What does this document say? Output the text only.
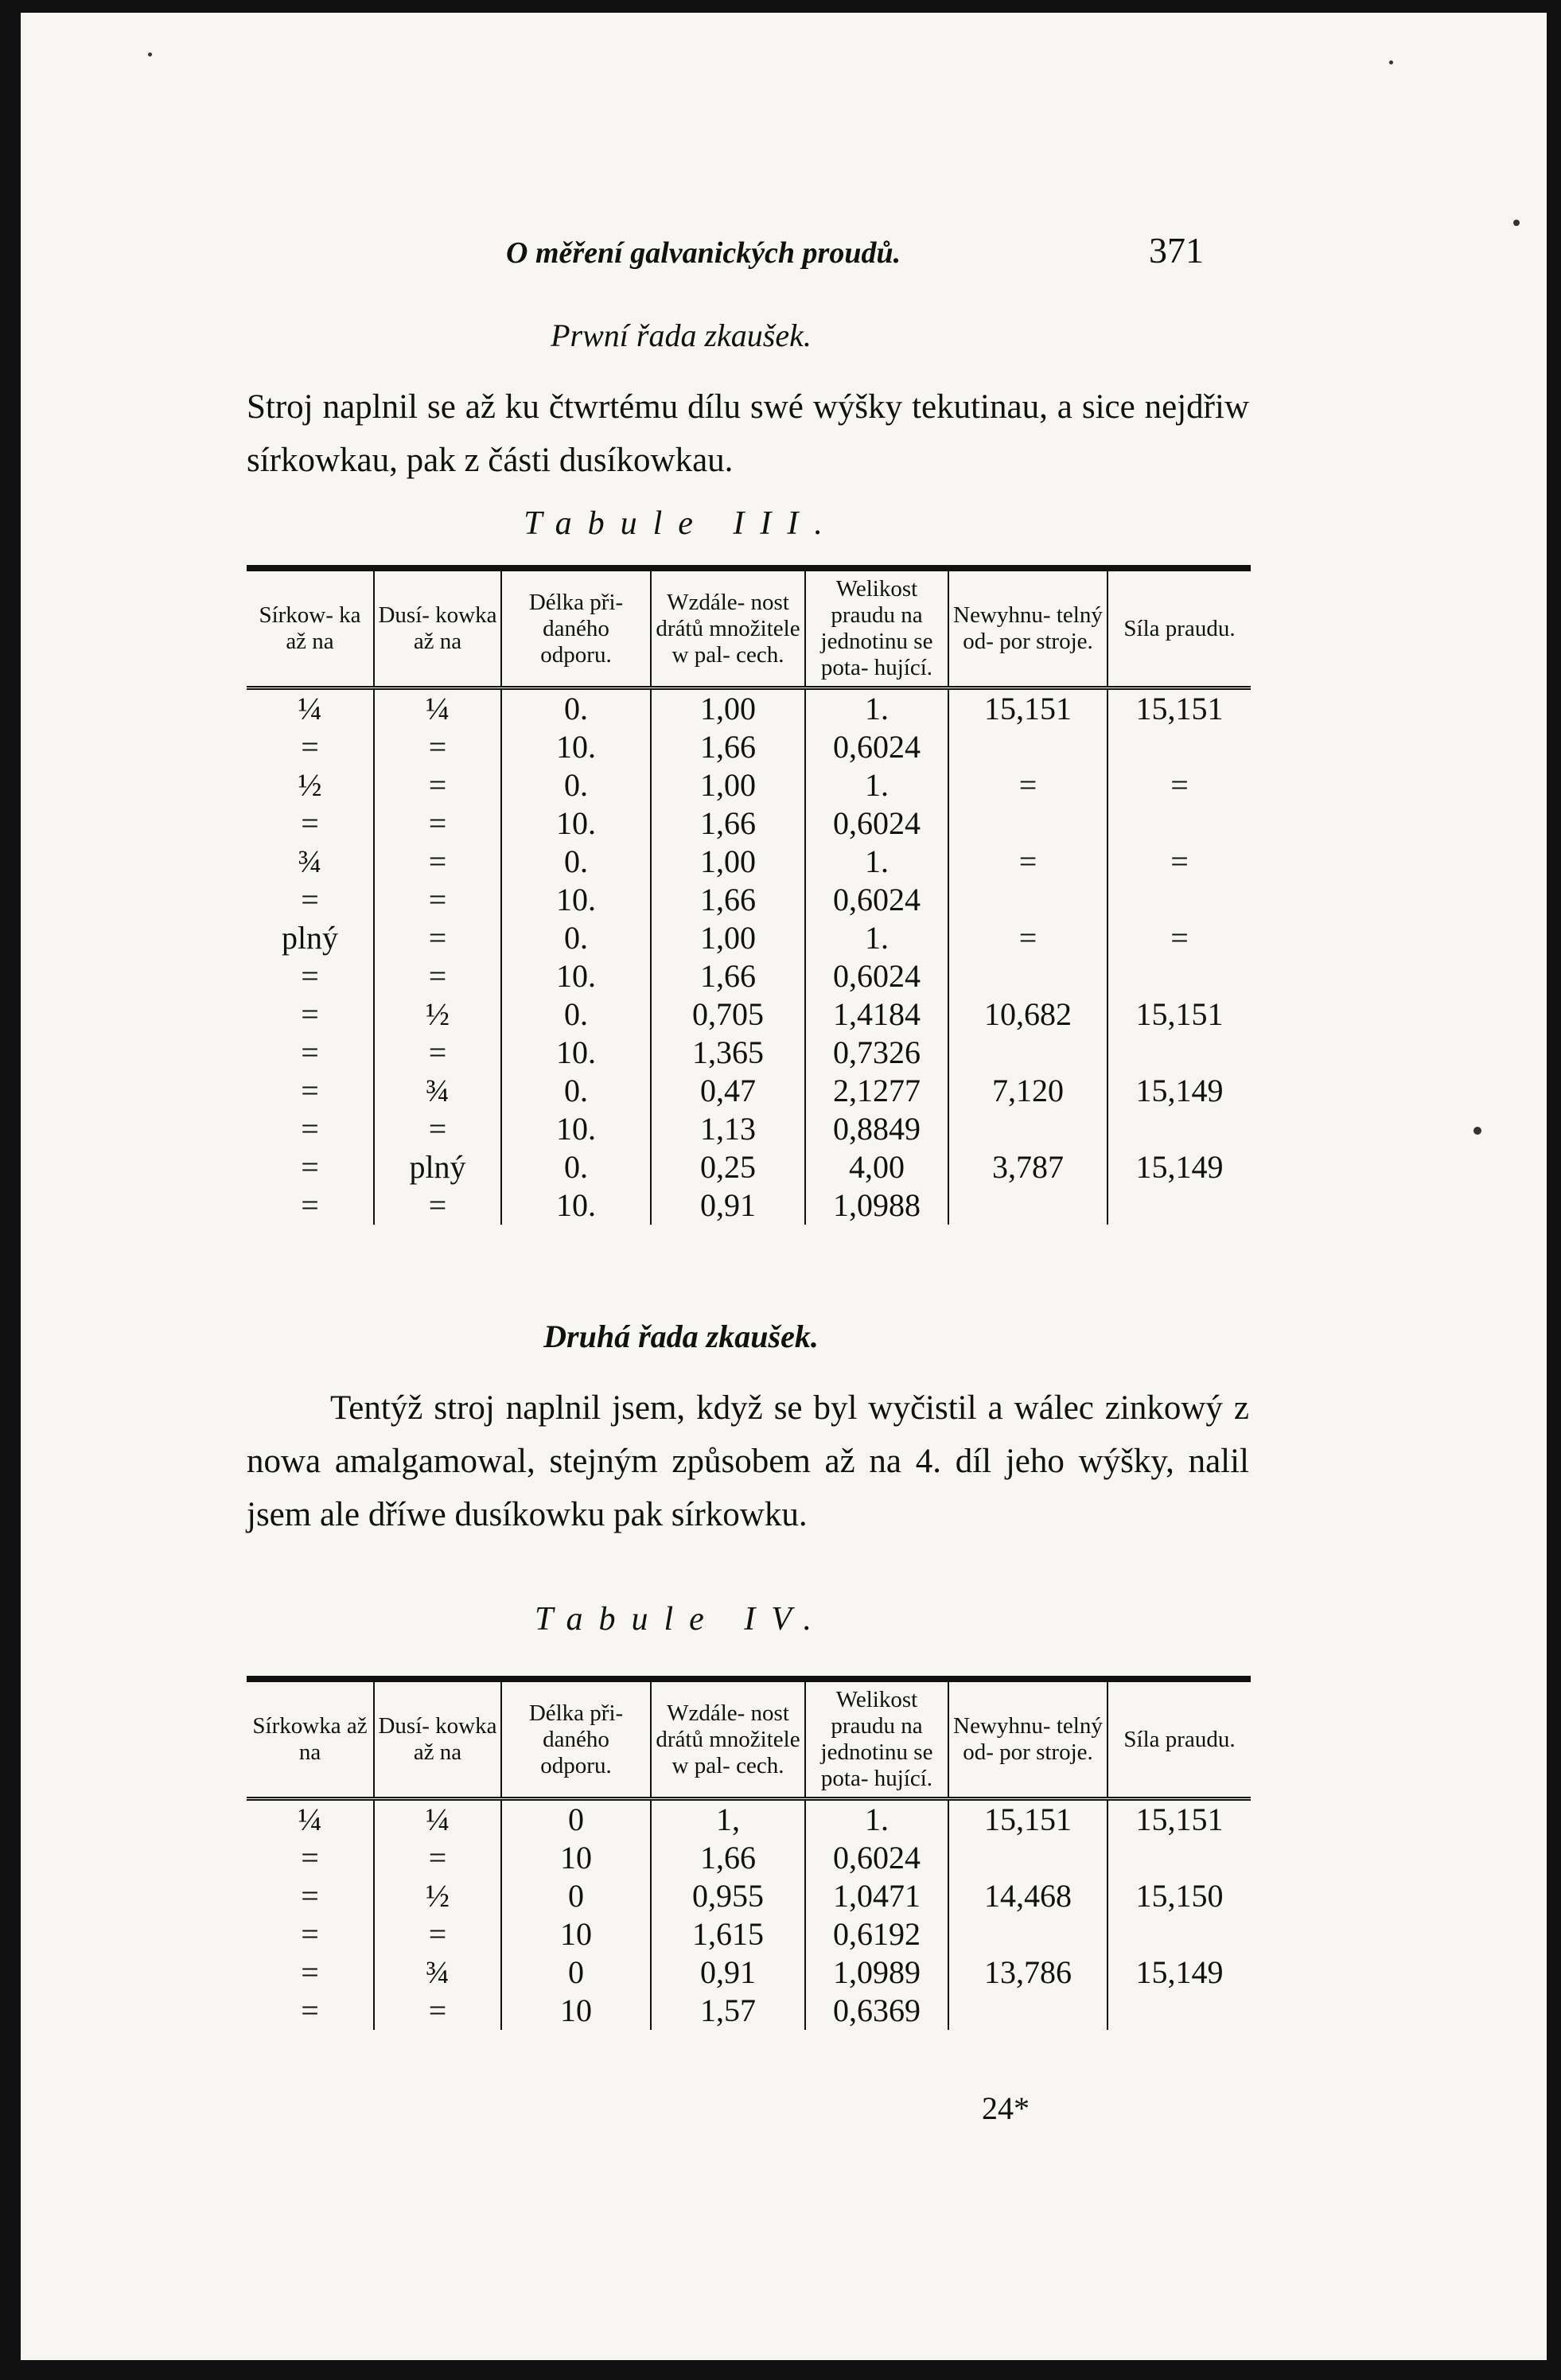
O měření galvanických proudů.	371
Prwní řada zkaušek.
Stroj naplnil se až ku čtwrtému dílu swé wýšky tekutinau, a sice nejdřiw sírkowkau, pak z části dusíkowkau.
Tabule III.
Sírkow- ka až na	Dusí- kowka až na	Délka při- daného odporu.	Wzdále- nost drátů množitele w pal- cech.	Welikost praudu na jednotinu se pota- hující.	Newyhnu- telný od- por stroje.	Síla praudu.
¼	¼	0.	1,00	1.	15,151	15,151
=	=	10.	1,66	0,6024		
½	=	0.	1,00	1.	=	=
=	=	10.	1,66	0,6024		
¾	=	0.	1,00	1.	=	=
=	=	10.	1,66	0,6024		
plný	=	0.	1,00	1.	=	=
=	=	10.	1,66	0,6024		
=	½	0.	0,705	1,4184	10,682	15,151
=	=	10.	1,365	0,7326		
=	¾	0.	0,47	2,1277	7,120	15,149
=	=	10.	1,13	0,8849		
=	plný	0.	0,25	4,00	3,787	15,149
=	=	10.	0,91	1,0988		
Druhá řada zkaušek.
Tentýž stroj naplnil jsem, když se byl wyčistil a wálec zinkowý z nowa amalgamowal, stejným způsobem až na 4. díl jeho wýšky, nalil jsem ale dříwe dusíkowku pak sírkowku.
Tabule IV.
Sírkowka až na	Dusí- kowka až na	Délka při- daného odporu.	Wzdále- nost drátů množitele w pal- cech.	Welikost praudu na jednotinu se pota- hující.	Newyhnu- telný od- por stroje.	Síla praudu.
¼	¼	0	1,	1.	15,151	15,151
=	=	10	1,66	0,6024		
=	½	0	0,955	1,0471	14,468	15,150
=	=	10	1,615	0,6192		
=	¾	0	0,91	1,0989	13,786	15,149
=	=	10	1,57	0,6369		
24*
